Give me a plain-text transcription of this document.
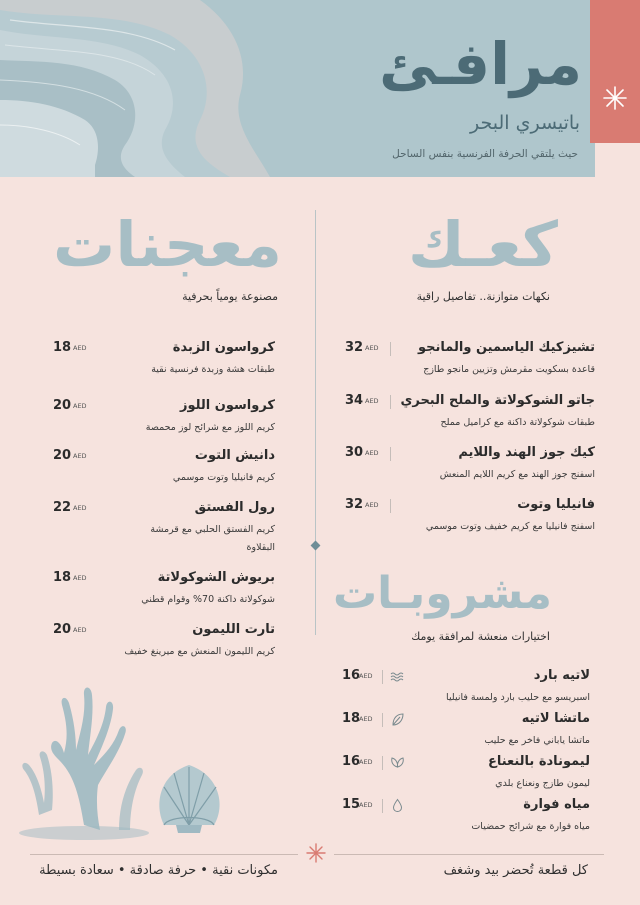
مرافـئ
باتيسري البحر
حيث يلتقي الحرفة الفرنسية بنفس الساحل
كعـك
نكهات متوازنة.. تفاصيل راقية
معجنات
مصنوعة يومياً بحرفية
تشيزكيك الياسمين والمانجو
قاعدة بسكويت مقرمش وتزيين مانجو طازج
32 AED
جاتو الشوكولاتة والملح البحري
طبقات شوكولاتة داكنة مع كراميل مملح
34 AED
كيك جوز الهند واللايم
اسفنج جوز الهند مع كريم اللايم المنعش
30 AED
فانيليا وتوت
اسفنج فانيليا مع كريم خفيف وتوت موسمي
32 AED
كرواسون الزبدة
طبقات هشة وزبدة فرنسية نقية
18 AED
كرواسون اللوز
كريم اللوز مع شرائح لوز محمصة
20 AED
دانيش التوت
كريم فانيليا وتوت موسمي
20 AED
رول الفستق
كريم الفستق الحلبي مع قرمشة البقلاوة
22 AED
بريوش الشوكولاتة
شوكولاتة داكنة 70% وقوام قطني
18 AED
تارت الليمون
كريم الليمون المنعش مع ميرينغ خفيف
20 AED
مشروبـات
اختيارات منعشة لمرافقة يومك
لاتيه بارد
اسبريسو مع حليب بارد ولمسة فانيليا
16
AED
ماتشا لاتيه
ماتشا ياباني فاخر مع حليب
18
AED
ليمونادة بالنعناع
ليمون طازج ونعناع بلدي
16
AED
مياه فوارة
مياه فوارة مع شرائح حمضيات
15
AED
كل قطعة تُحضر بيد وشغف
مكونات نقية • حرفة صادقة • سعادة بسيطة
